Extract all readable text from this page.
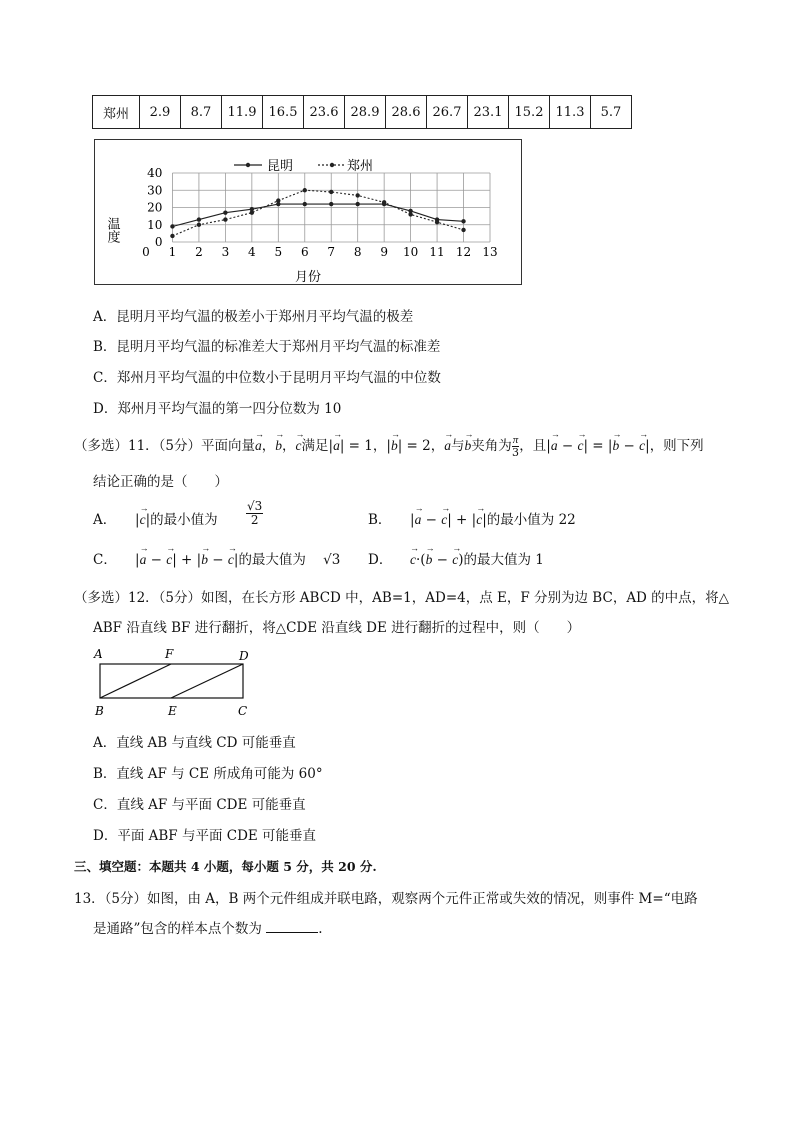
郑州	2.9	8.7	11.9	16.5	23.6	28.9	28.6	26.7	23.1	15.2	11.3	5.7
0 1 2 3 4 5 6 7 8 9 10 11 12 13
0
10
20
30
40	昆明	郑州
温度
月份
A．昆明月平均气温的极差小于郑州月平均气温的极差
B．昆明月平均气温的标准差大于郑州月平均气温的标准差
C．郑州月平均气温的中位数小于昆明月平均气温的中位数
D．郑州月平均气温的第一四分位数为 10
（多选）11．（5分）平面向量→ a，→ b，→ c满足|→ a| = 1，|→ b| = 2，→ a与→ b夹角为 $\frac{\pi}{3}$ ，且|→ a − → c| = |→ b − → c|，则下列
结论正确的是（　　）
A． |→ c|的最小值为 $\frac{√3}{2}$	B． |→ a − → c| + |→ c|的最小值为 22
C． |→ a − → c| + |→ b − → c|的最大值为 √3 D．
→ c·(→ b − → c)的最大值为 1
（多选）12．（5分）如图，在长方形 ABCD 中，AB=1，AD=4，点 E，F 分别为边 BC，AD 的中点，将△
ABF 沿直线 BF 进行翻折，将△CDE 沿直线 DE 进行翻折的过程中，则（　　）
A	F	D
B	E	C
A．直线 AB 与直线 CD 可能垂直
B．直线 AF 与 CE 所成角可能为 60°
C．直线 AF 与平面 CDE 可能垂直
D．平面 ABF 与平面 CDE 可能垂直
三、填空题：本题共 4 小题，每小题 5 分，共 20 分.
13．（5分）如图，由 A，B 两个元件组成并联电路，观察两个元件正常或失效的情况，则事件 M=“电路
是通路”包含的样本点个数为	.
